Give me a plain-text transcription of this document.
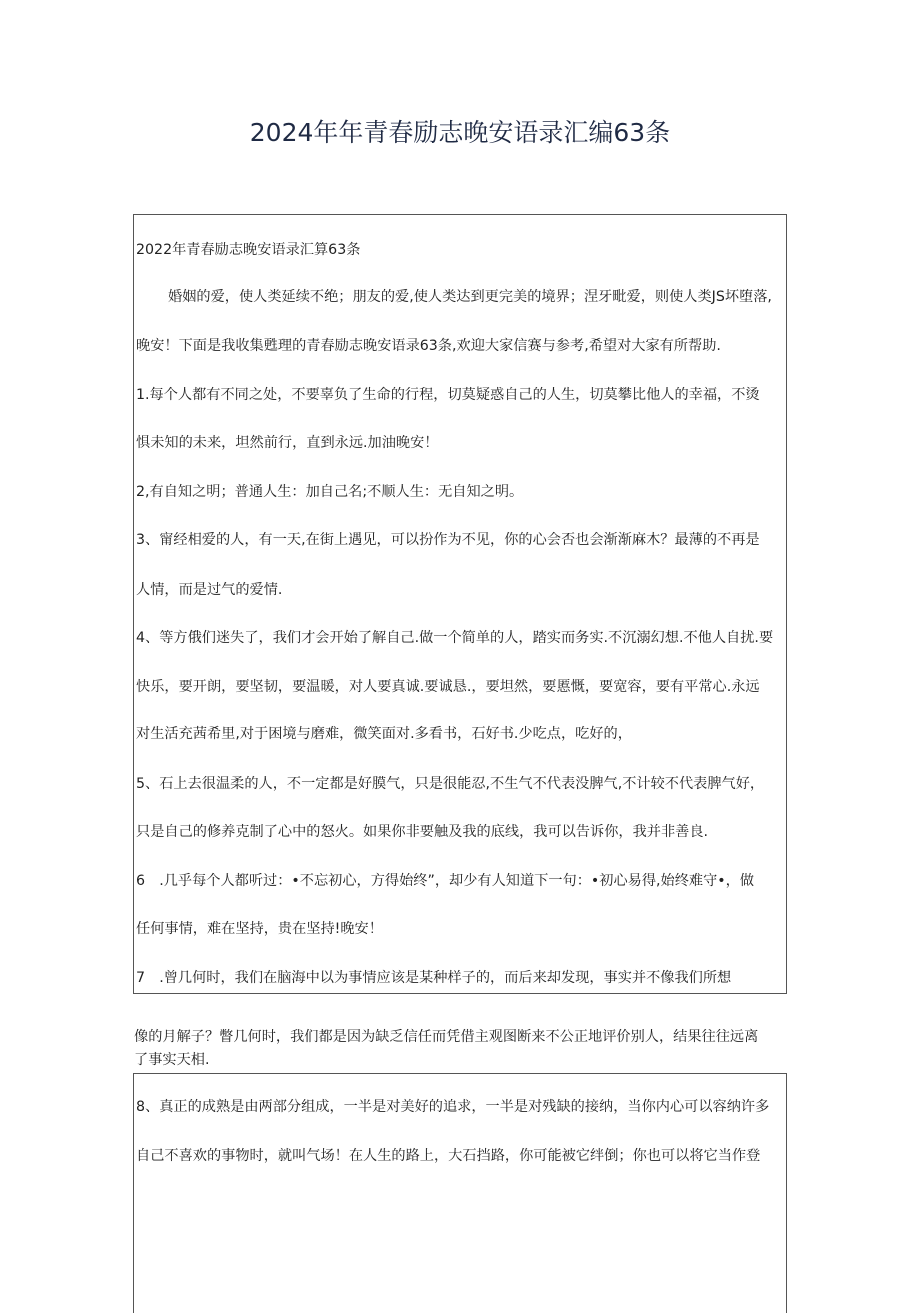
2024年年青春励志晚安语录汇编63条
2022年青春励志晚安语录汇算63条
婚姻的爱，使人类延续不绝；朋友的爱,使人类达到更完美的境界；涅牙毗爱，则使人类JS坏堕落,
晚安！下面是我收集甦理的青春励志晚安语录63条,欢迎大家信赛与参考,希望对大家有所帮助.
1.每个人都有不同之处，不要辜负了生命的行程，切莫疑惑自己的人生，切莫攀比他人的幸福，不烫
惧未知的未来，坦然前行，直到永远.加油晚安！
2,有自知之明；普通人生：加自己名;不顺人生：无自知之明。
3、甯经相爱的人，有一天,在街上遇见，可以扮作为不见，你的心会否也会渐渐麻木？最薄的不再是
人情，而是过气的爱情.
4、等方俄们迷失了，我们才会开始了解自己.做一个简单的人，踏实而务实.不沉溺幻想.不他人自扰.要
快乐，要开朗，要坚韧，要温暖，对人要真诚.要诚恳.，要坦然，要慝慨，要宽容，要有平常心.永远
对生活充茜希里,对于困境与磨难，微笑面对.多看书，石好书.少吃点，吃好的，
5、石上去很温柔的人，不一定都是好膜气，只是很能忍,不生气不代表没脾气,不计较不代表脾气好，
只是自己的修养克制了心中的怒火。如果你非要触及我的底线，我可以告诉你，我并非善良.
6　.几乎每个人都听过：•不忘初心，方得始终”，却少有人知道下一句：•初心易得,始终难守•，做
任何事情，难在坚持，贵在坚持!晚安！
7　.曾几何时，我们在脑海中以为事情应该是某种样子的，而后来却发现，事实并不像我们所想
像的月解子？瞥几何时，我们都是因为缺乏信任而凭借主观图断来不公正地评价别人，结果往往远离
了事实天相.
8、真正的成熟是由两部分组成，一半是对美好的追求，一半是对残缺的接纳，当你内心可以容纳许多
自己不喜欢的事物时，就叫气场！在人生的路上，大石挡路，你可能被它绊倒；你也可以将它当作登
